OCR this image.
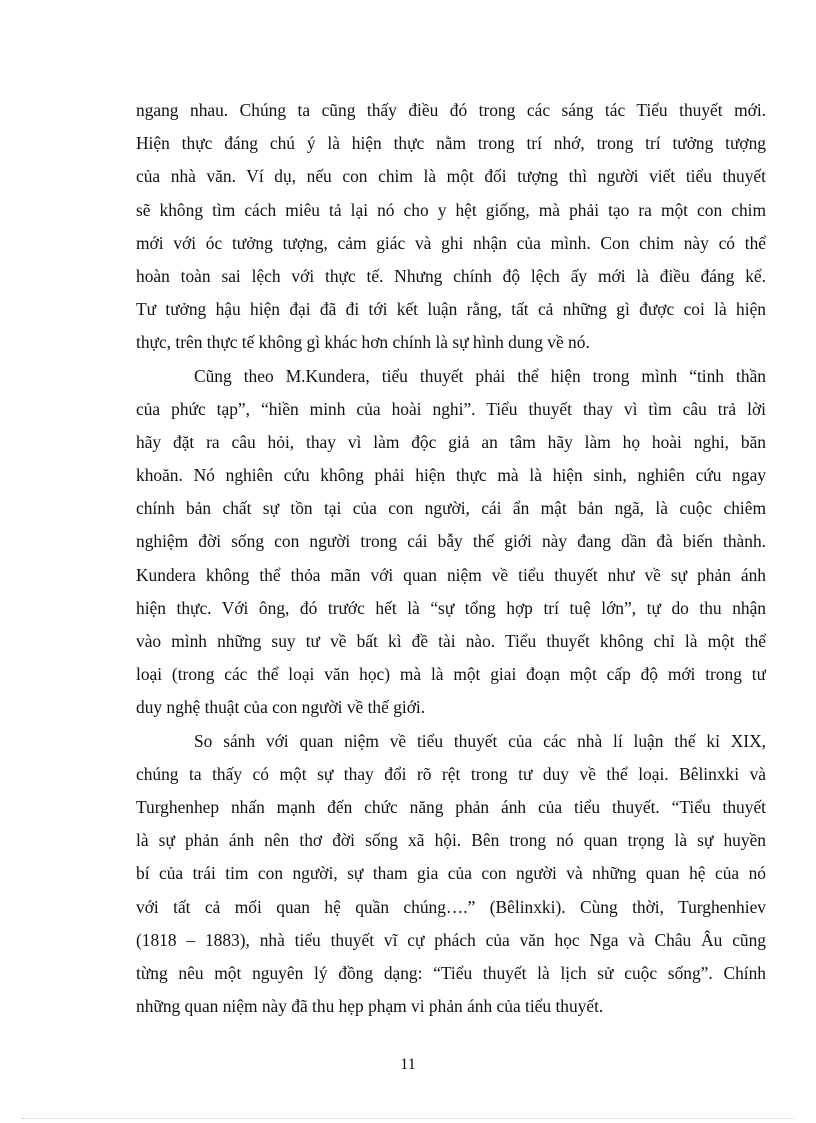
ngang nhau. Chúng ta cũng thấy điều đó trong các sáng tác Tiểu thuyết mới.
Hiện thực đáng chú ý là hiện thực nằm trong trí nhớ, trong trí tưởng tượng
của nhà văn. Ví dụ, nếu con chim là một đối tượng thì người viết tiểu thuyết
sẽ không tìm cách miêu tả lại nó cho y hệt giống, mà phải tạo ra một con chim
mới với óc tưởng tượng, cảm giác và ghi nhận của mình. Con chim này có thể
hoàn toàn sai lệch với thực tế. Nhưng chính độ lệch ấy mới là điều đáng kể.
Tư tưởng hậu hiện đại đã đi tới kết luận rằng, tất cả những gì được coi là hiện
thực, trên thực tế không gì khác hơn chính là sự hình dung về nó.
Cũng theo M.Kundera, tiểu thuyết phải thể hiện trong mình “tinh thần
của phức tạp”, “hiền minh của hoài nghi”. Tiểu thuyết thay vì tìm câu trả lời
hãy đặt ra câu hỏi, thay vì làm độc giả an tâm hãy làm họ hoài nghi, băn
khoăn. Nó nghiên cứu không phải hiện thực mà là hiện sinh, nghiên cứu ngay
chính bản chất sự tồn tại của con người, cái ẩn mật bản ngã, là cuộc chiêm
nghiệm đời sống con người trong cái bẫy thế giới này đang dần đà biến thành.
Kundera không thể thỏa mãn với quan niệm về tiểu thuyết như về sự phản ánh
hiện thực. Với ông, đó trước hết là “sự tổng hợp trí tuệ lớn”, tự do thu nhận
vào mình những suy tư về bất kì đề tài nào. Tiểu thuyết không chỉ là một thể
loại (trong các thể loại văn học) mà là một giai đoạn một cấp độ mới trong tư
duy nghệ thuật của con người về thế giới.
So sánh với quan niệm về tiểu thuyết của các nhà lí luận thế kỉ XIX,
chúng ta thấy có một sự thay đổi rõ rệt trong tư duy về thể loại. Bêlinxki và
Turghenhep nhấn mạnh đến chức năng phản ánh của tiểu thuyết. “Tiểu thuyết
là sự phản ánh nên thơ đời sống xã hội. Bên trong nó quan trọng là sự huyền
bí của trái tim con người, sự tham gia của con người và những quan hệ của nó
với tất cả mối quan hệ quần chúng….” (Bêlinxki). Cùng thời, Turghenhiev
(1818 – 1883), nhà tiểu thuyết vĩ cự phách của văn học Nga và Châu Âu cũng
từng nêu một nguyên lý đồng dạng: “Tiểu thuyết là lịch sử cuộc sống”. Chính
những quan niệm này đã thu hẹp phạm vi phản ánh của tiểu thuyết.
11
